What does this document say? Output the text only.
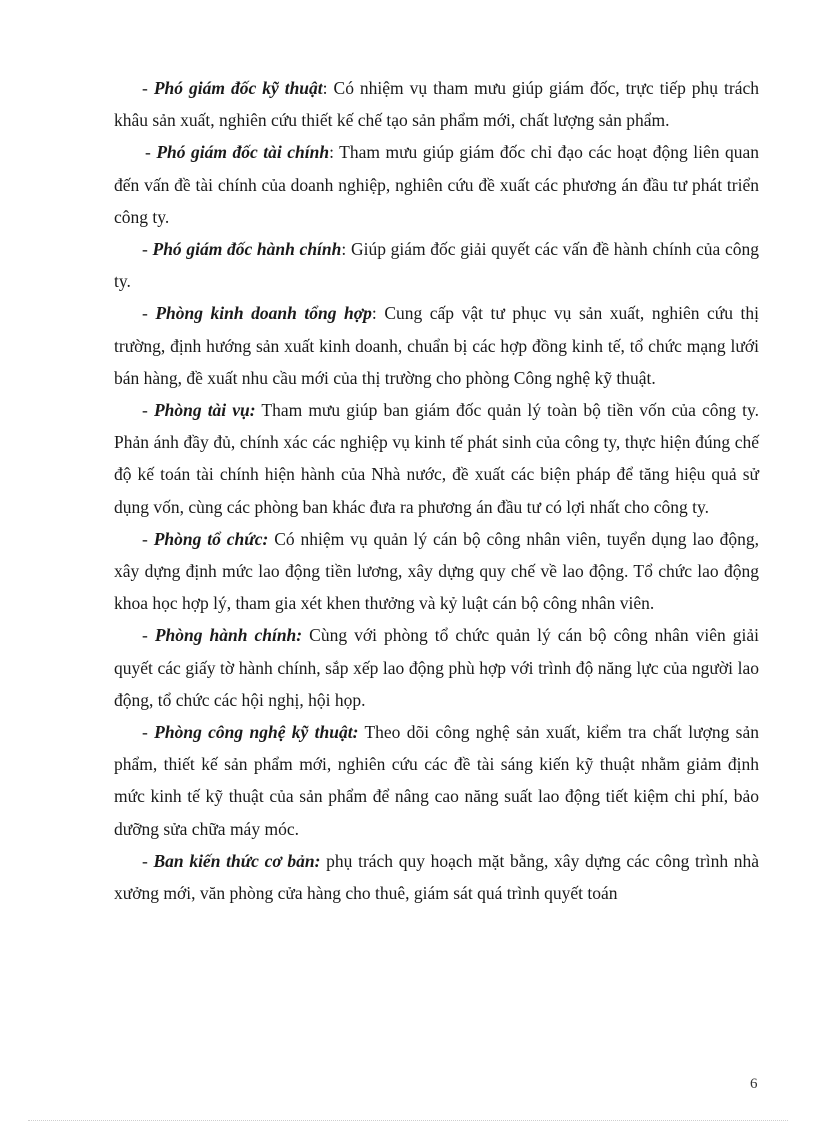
- Phó giám đốc kỹ thuật: Có nhiệm vụ tham mưu giúp giám đốc, trực tiếp phụ trách khâu sản xuất, nghiên cứu thiết kế chế tạo sản phẩm mới, chất lượng sản phẩm.

- Phó giám đốc tài chính: Tham mưu giúp giám đốc chỉ đạo các hoạt động liên quan đến vấn đề tài chính của doanh nghiệp, nghiên cứu đề xuất các phương án đầu tư phát triển công ty.

- Phó giám đốc hành chính: Giúp giám đốc giải quyết các vấn đề hành chính của công ty.

- Phòng kinh doanh tổng hợp: Cung cấp vật tư phục vụ sản xuất, nghiên cứu thị trường, định hướng sản xuất kinh doanh, chuẩn bị các hợp đồng kinh tế, tổ chức mạng lưới bán hàng, đề xuất nhu cầu mới của thị trường cho phòng Công nghệ kỹ thuật.

- Phòng tài vụ: Tham mưu giúp ban giám đốc quản lý toàn bộ tiền vốn của công ty. Phản ánh đầy đủ, chính xác các nghiệp vụ kinh tế phát sinh của công ty, thực hiện đúng chế độ kế toán tài chính hiện hành của Nhà nước, đề xuất các biện pháp để tăng hiệu quả sử dụng vốn, cùng các phòng ban khác đưa ra phương án đầu tư có lợi nhất cho công ty.

- Phòng tổ chức: Có nhiệm vụ quản lý cán bộ công nhân viên, tuyển dụng lao động, xây dựng định mức lao động tiền lương, xây dựng quy chế về lao động. Tổ chức lao động khoa học hợp lý, tham gia xét khen thưởng và kỷ luật cán bộ công nhân viên.

- Phòng hành chính: Cùng với phòng tổ chức quản lý cán bộ công nhân viên giải quyết các giấy tờ hành chính, sắp xếp lao động phù hợp với trình độ năng lực của người lao động, tổ chức các hội nghị, hội họp.

- Phòng công nghệ kỹ thuật: Theo dõi công nghệ sản xuất, kiểm tra chất lượng sản phẩm, thiết kế sản phẩm mới, nghiên cứu các đề tài sáng kiến kỹ thuật nhằm giảm định mức kinh tế kỹ thuật của sản phẩm để nâng cao năng suất lao động tiết kiệm chi phí, bảo dưỡng sửa chữa máy móc.

- Ban kiến thức cơ bản: phụ trách quy hoạch mặt bằng, xây dựng các công trình nhà xưởng mới, văn phòng cửa hàng cho thuê, giám sát quá trình quyết toán

6
